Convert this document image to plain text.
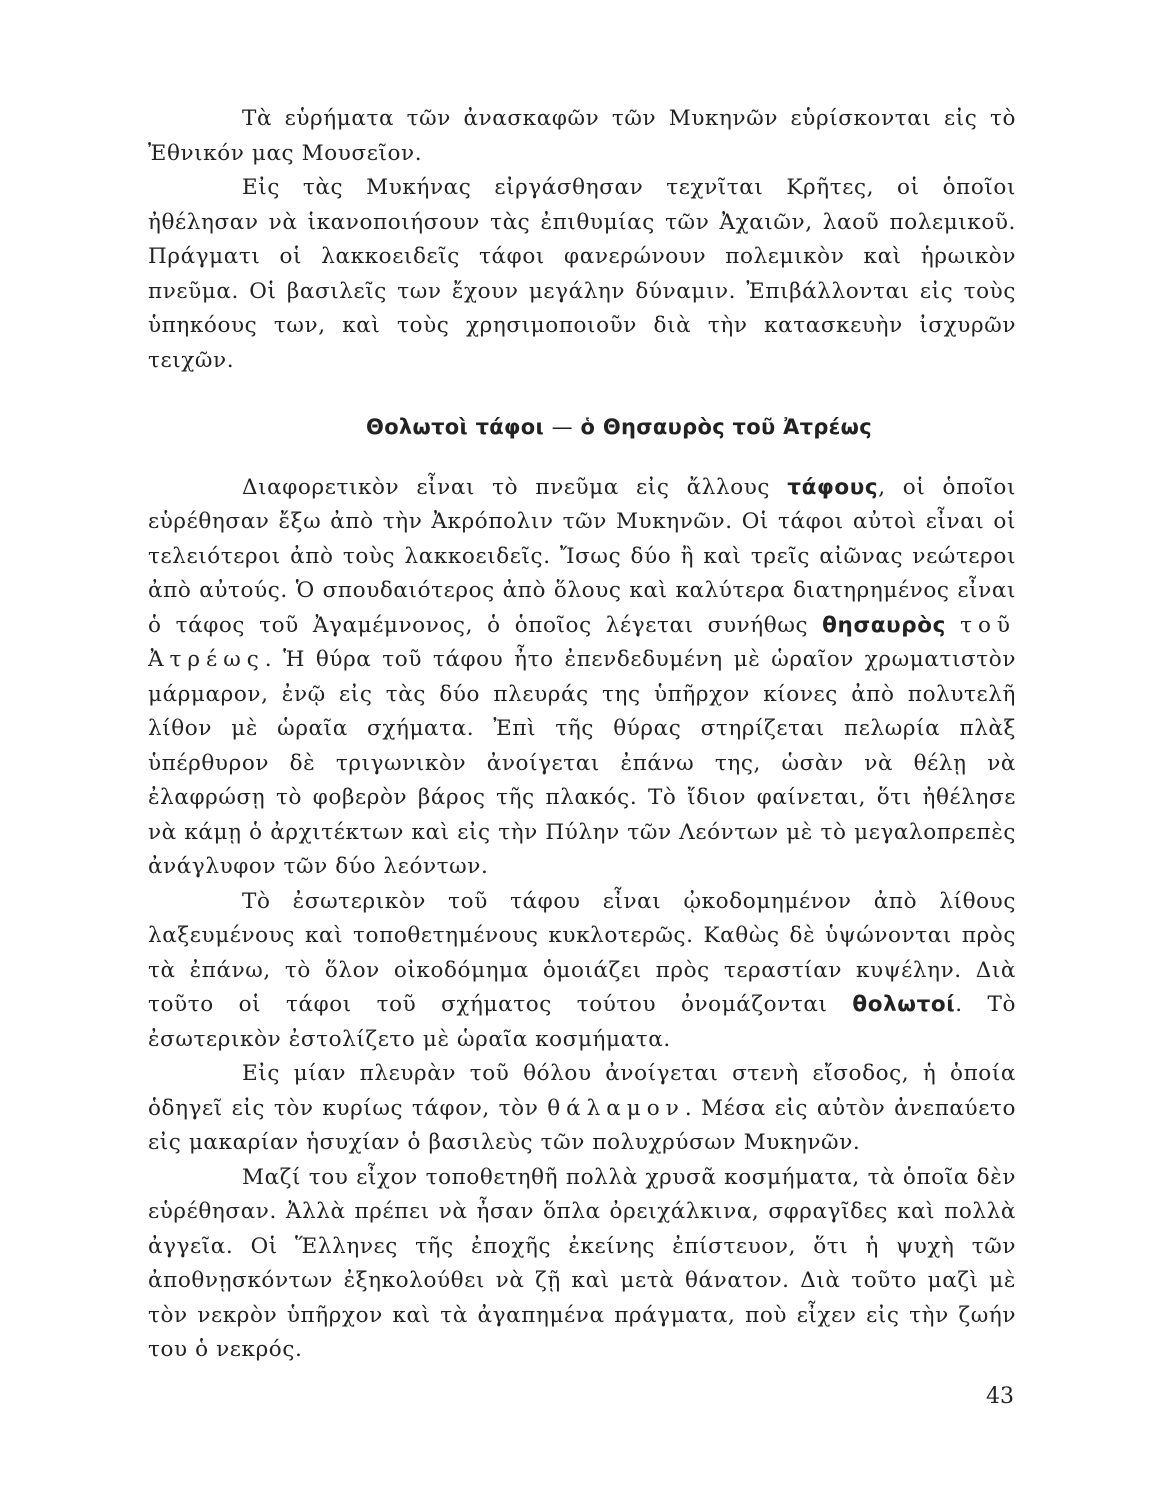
Τὰ εὑρήματα τῶν ἀνασκαφῶν τῶν Μυκηνῶν εὑρίσκονται εἰς τὸ Ἐθνικόν μας Μουσεῖον.

Εἰς τὰς Μυκήνας εἰργάσθησαν τεχνῖται Κρῆτες, οἱ ὁποῖοι ἠθέλησαν νὰ ἱκανοποιήσουν τὰς ἐπιθυμίας τῶν Ἀχαιῶν, λαοῦ πολεμικοῦ. Πράγματι οἱ λακκοειδεῖς τάφοι φανερώνουν πολεμικὸν καὶ ἡρωικὸν πνεῦμα. Οἱ βασιλεῖς των ἔχουν μεγάλην δύναμιν. Ἐπιβάλλονται εἰς τοὺς ὑπηκόους των, καὶ τοὺς χρησιμοποιοῦν διὰ τὴν κατασκευὴν ἰσχυρῶν τειχῶν.

Θολωτοὶ τάφοι — ὁ Θησαυρὸς τοῦ Ἀτρέως

Διαφορετικὸν εἶναι τὸ πνεῦμα εἰς ἄλλους τάφους, οἱ ὁποῖοι εὑρέθησαν ἔξω ἀπὸ τὴν Ἀκρόπολιν τῶν Μυκηνῶν. Οἱ τάφοι αὐτοὶ εἶναι οἱ τελειότεροι ἀπὸ τοὺς λακκοειδεῖς. Ἴσως δύο ἢ καὶ τρεῖς αἰῶνας νεώτεροι ἀπὸ αὐτούς. Ὁ σπουδαιότερος ἀπὸ ὅλους καὶ καλύτερα διατηρημένος εἶναι ὁ τάφος τοῦ Ἀγαμέμνονος, ὁ ὁποῖος λέγεται συνήθως θησαυρὸς τοῦ Ἀτρέως. Ἡ θύρα τοῦ τάφου ἦτο ἐπενδεδυμένη μὲ ὡραῖον χρωματιστὸν μάρμαρον, ἐνῷ εἰς τὰς δύο πλευράς της ὑπῆρχον κίονες ἀπὸ πολυτελῆ λίθον μὲ ὡραῖα σχήματα. Ἐπὶ τῆς θύρας στηρίζεται πελωρία πλὰξ ὑπέρθυρον δὲ τριγωνικὸν ἀνοίγεται ἐπάνω της, ὡσὰν νὰ θέλῃ νὰ ἐλαφρώσῃ τὸ φοβερὸν βάρος τῆς πλακός. Τὸ ἴδιον φαίνεται, ὅτι ἠθέλησε νὰ κάμῃ ὁ ἀρχιτέκτων καὶ εἰς τὴν Πύλην τῶν Λεόντων μὲ τὸ μεγαλοπρεπὲς ἀνάγλυφον τῶν δύο λεόντων.

Τὸ ἐσωτερικὸν τοῦ τάφου εἶναι ᾠκοδομημένον ἀπὸ λίθους λαξευμένους καὶ τοποθετημένους κυκλοτερῶς. Καθὼς δὲ ὑψώνονται πρὸς τὰ ἐπάνω, τὸ ὅλον οἰκοδόμημα ὁμοιάζει πρὸς τεραστίαν κυψέλην. Διὰ τοῦτο οἱ τάφοι τοῦ σχήματος τούτου ὀνομάζονται θολωτοί. Τὸ ἐσωτερικὸν ἐστολίζετο μὲ ὡραῖα κοσμήματα.

Εἰς μίαν πλευρὰν τοῦ θόλου ἀνοίγεται στενὴ εἴσοδος, ἡ ὁποία ὁδηγεῖ εἰς τὸν κυρίως τάφον, τὸν θάλαμον. Μέσα εἰς αὐτὸν ἀνεπαύετο εἰς μακαρίαν ἡσυχίαν ὁ βασιλεὺς τῶν πολυχρύσων Μυκηνῶν.

Μαζί του εἶχον τοποθετηθῆ πολλὰ χρυσᾶ κοσμήματα, τὰ ὁποῖα δὲν εὑρέθησαν. Ἀλλὰ πρέπει νὰ ἦσαν ὅπλα ὀρειχάλκινα, σφραγῖδες καὶ πολλὰ ἀγγεῖα. Οἱ Ἕλληνες τῆς ἐποχῆς ἐκείνης ἐπίστευον, ὅτι ἡ ψυχὴ τῶν ἀποθνῃσκόντων ἐξηκολούθει νὰ ζῇ καὶ μετὰ θάνατον. Διὰ τοῦτο μαζὶ μὲ τὸν νεκρὸν ὑπῆρχον καὶ τὰ ἀγαπημένα πράγματα, ποὺ εἶχεν εἰς τὴν ζωήν του ὁ νεκρός.

43
